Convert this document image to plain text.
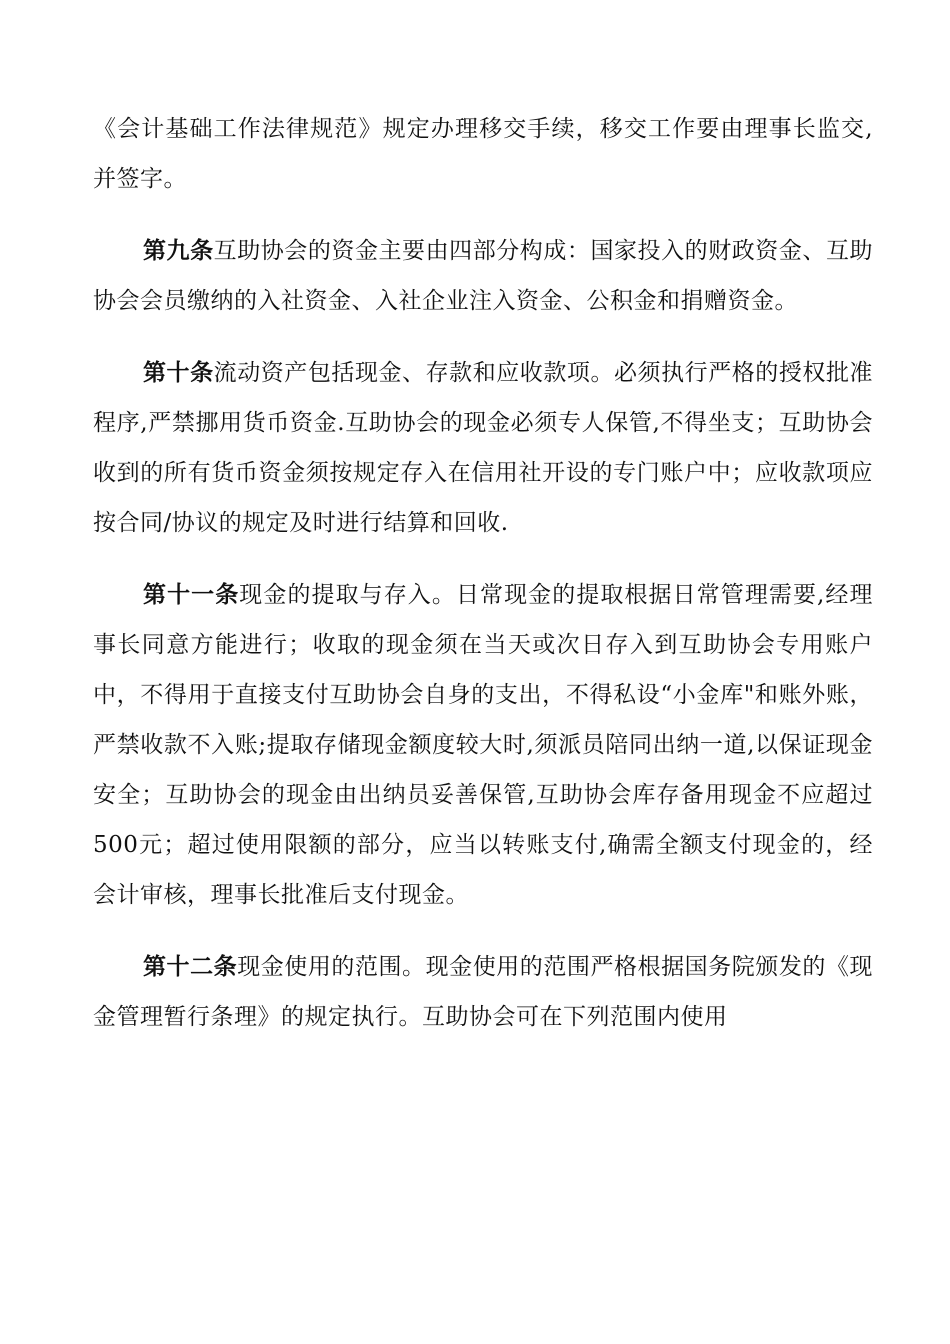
《会计基础工作法律规范》规定办理移交手续，移交工作要由理事长监交,并签字。

第九条互助协会的资金主要由四部分构成：国家投入的财政资金、互助协会会员缴纳的入社资金、入社企业注入资金、公积金和捐赠资金。

第十条流动资产包括现金、存款和应收款项。必须执行严格的授权批准程序,严禁挪用货币资金.互助协会的现金必须专人保管,不得坐支；互助协会收到的所有货币资金须按规定存入在信用社开设的专门账户中；应收款项应按合同/协议的规定及时进行结算和回收.

第十一条现金的提取与存入。日常现金的提取根据日常管理需要,经理事长同意方能进行；收取的现金须在当天或次日存入到互助协会专用账户中，不得用于直接支付互助协会自身的支出，不得私设“小金库"和账外账，严禁收款不入账;提取存储现金额度较大时,须派员陪同出纳一道,以保证现金安全；互助协会的现金由出纳员妥善保管,互助协会库存备用现金不应超过500元；超过使用限额的部分，应当以转账支付,确需全额支付现金的，经会计审核，理事长批准后支付现金。

第十二条现金使用的范围。现金使用的范围严格根据国务院颁发的《现金管理暂行条理》的规定执行。互助协会可在下列范围内使用
